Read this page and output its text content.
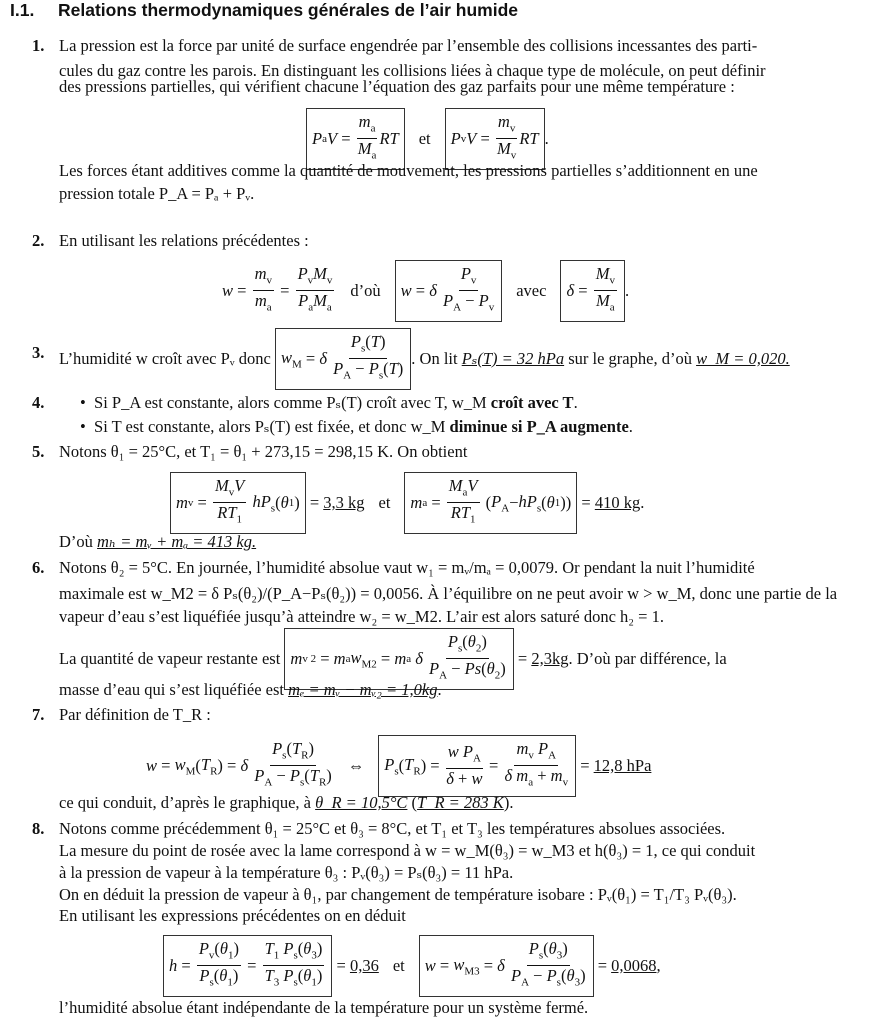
I.1. Relations thermodynamiques générales de l’air humide
1. La pression est la force par unité de surface engendrée par l’ensemble des collisions incessantes des parti-
cules du gaz contre les parois. En distinguant les collisions liées à chaque type de molécule, on peut définir
des pressions partielles, qui vérifient chacune l’équation des gaz parfaits pour une même température :
P a $V = \frac{m_a}{M_a}$ RT et P v $V = \frac{m_v}{M_v}$ RT .
Les forces étant additives comme la quantité de mouvement, les pressions partielles s’additionnent en une
pression totale P_A = Pₐ + Pᵥ.
2. En utilisant les relations précédentes :
$w = \frac{m_v}{m_a} = \frac{P_vM_v}{P_aM_a}$ d’où w = δ
$\frac{P_v}{P_A - P_v}$ avec $\delta = \frac{M_v}{M_a}$ .
3. L’humidité w croît avec Pᵥ donc
$w_M = \delta$
$\frac{P_s(T)}{P_A - P_s(T)}$ . On lit
Pₛ(T) = 32 hPa
sur le graphe, d’où
w_M = 0,020.
4. •  Si P_A est constante, alors comme Pₛ(T) croît avec T, w_M croît avec T.
•  Si T est constante, alors Pₛ(T) est fixée, et donc w_M diminue si P_A augmente.
5. Notons θ₁ = 25°C, et T₁ = θ₁ + 273,15 = 298,15 K. On obtient
m $v = \frac{M_vV}{RT_1}$
$hP_s$ ( θ 1 ) = 3,3 kg et m $a = \frac{M_aV}{RT_1}$ ( $P_A - hP_s$ ( θ 1 )) = 410 kg .
D’où mₕ = mᵥ + mₐ = 413 kg.
6. Notons θ₂ = 5°C. En journée, l’humidité absolue vaut w₁ = mᵥ/mₐ = 0,0079. Or pendant la nuit l’humidité
maximale est w_M2 = δ Pₛ(θ₂)/(P_A−Pₛ(θ₂)) = 0,0056. À l’équilibre on ne peut avoir w > w_M, donc une partie de la
vapeur d’eau s’est liquéfiée jusqu’à atteindre w₂ = w_M2. L’air est alors saturé donc h₂ = 1.
La quantité de vapeur restante est
m v 2 = m a $w_{M2} = m$ a
δ
$\frac{P_s(\theta_2)}{P_A - Ps(\theta_2)} = 2,3kg$ . D’où par différence, la
masse d’eau qui s’est liquéfiée est mₑ = mᵥ − mᵥ₂ = 1,0kg.
7. Par définition de T_R :
$w = w_M$ ( $T_R$ ) = δ
$\frac{P_s(T_R)}{P_A - P_s(T_R)}$ ⇔ $P_s$ ( $T_R$ ) = $\frac{w P_A}{\delta + w} = \frac{m_v P_A}{\delta m_a + m_v} = 12,8$ hPa
ce qui conduit, d’après le graphique, à θ_R = 10,5°C (T_R = 283 K).
8. Notons comme précédemment θ₁ = 25°C et θ₃ = 8°C, et T₁ et T₃ les températures absolues associées.
La mesure du point de rosée avec la lame correspond à w = w_M(θ₃) = w_M3 et h(θ₃) = 1, ce qui conduit
à la pression de vapeur à la température θ₃ : Pᵥ(θ₃) = Pₛ(θ₃) = 11 hPa.
On en déduit la pression de vapeur à θ₁, par changement de température isobare : Pᵥ(θ₁) = T₁/T₃ Pᵥ(θ₃).
En utilisant les expressions précédentes on en déduit
$h = \frac{P_v(\theta_1)}{P_s(\theta_1)} = \frac{T_1 P_s(\theta_3)}{T_3 P_s(\theta_1)} = 0,36$ et $w = w_{M3} = \delta$
$\frac{P_s(\theta_3)}{P_A - P_s(\theta_3)} = 0,0068$ ,
l’humidité absolue étant indépendante de la température pour un système fermé.
